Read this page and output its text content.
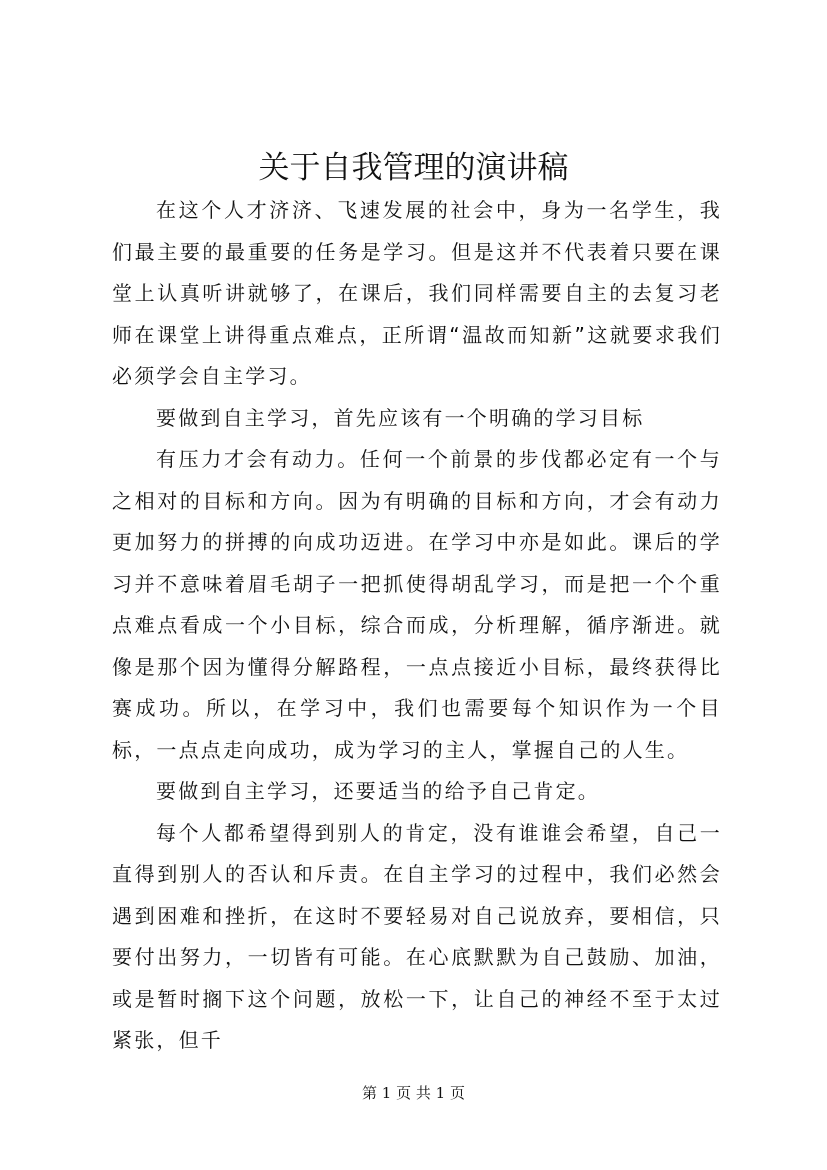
关于自我管理的演讲稿

在这个人才济济、飞速发展的社会中，身为一名学生，我们最主要的最重要的任务是学习。但是这并不代表着只要在课堂上认真听讲就够了，在课后，我们同样需要自主的去复习老师在课堂上讲得重点难点，正所谓“温故而知新”这就要求我们必须学会自主学习。

要做到自主学习，首先应该有一个明确的学习目标

有压力才会有动力。任何一个前景的步伐都必定有一个与之相对的目标和方向。因为有明确的目标和方向，才会有动力更加努力的拼搏的向成功迈进。在学习中亦是如此。课后的学习并不意味着眉毛胡子一把抓使得胡乱学习，而是把一个个重点难点看成一个小目标，综合而成，分析理解，循序渐进。就像是那个因为懂得分解路程，一点点接近小目标，最终获得比赛成功。所以，在学习中，我们也需要每个知识作为一个目标，一点点走向成功，成为学习的主人，掌握自己的人生。

要做到自主学习，还要适当的给予自己肯定。

每个人都希望得到别人的肯定，没有谁谁会希望，自己一直得到别人的否认和斥责。在自主学习的过程中，我们必然会遇到困难和挫折，在这时不要轻易对自己说放弃，要相信，只要付出努力，一切皆有可能。在心底默默为自己鼓励、加油，或是暂时搁下这个问题，放松一下，让自己的神经不至于太过紧张，但千

第 1 页 共 1 页
